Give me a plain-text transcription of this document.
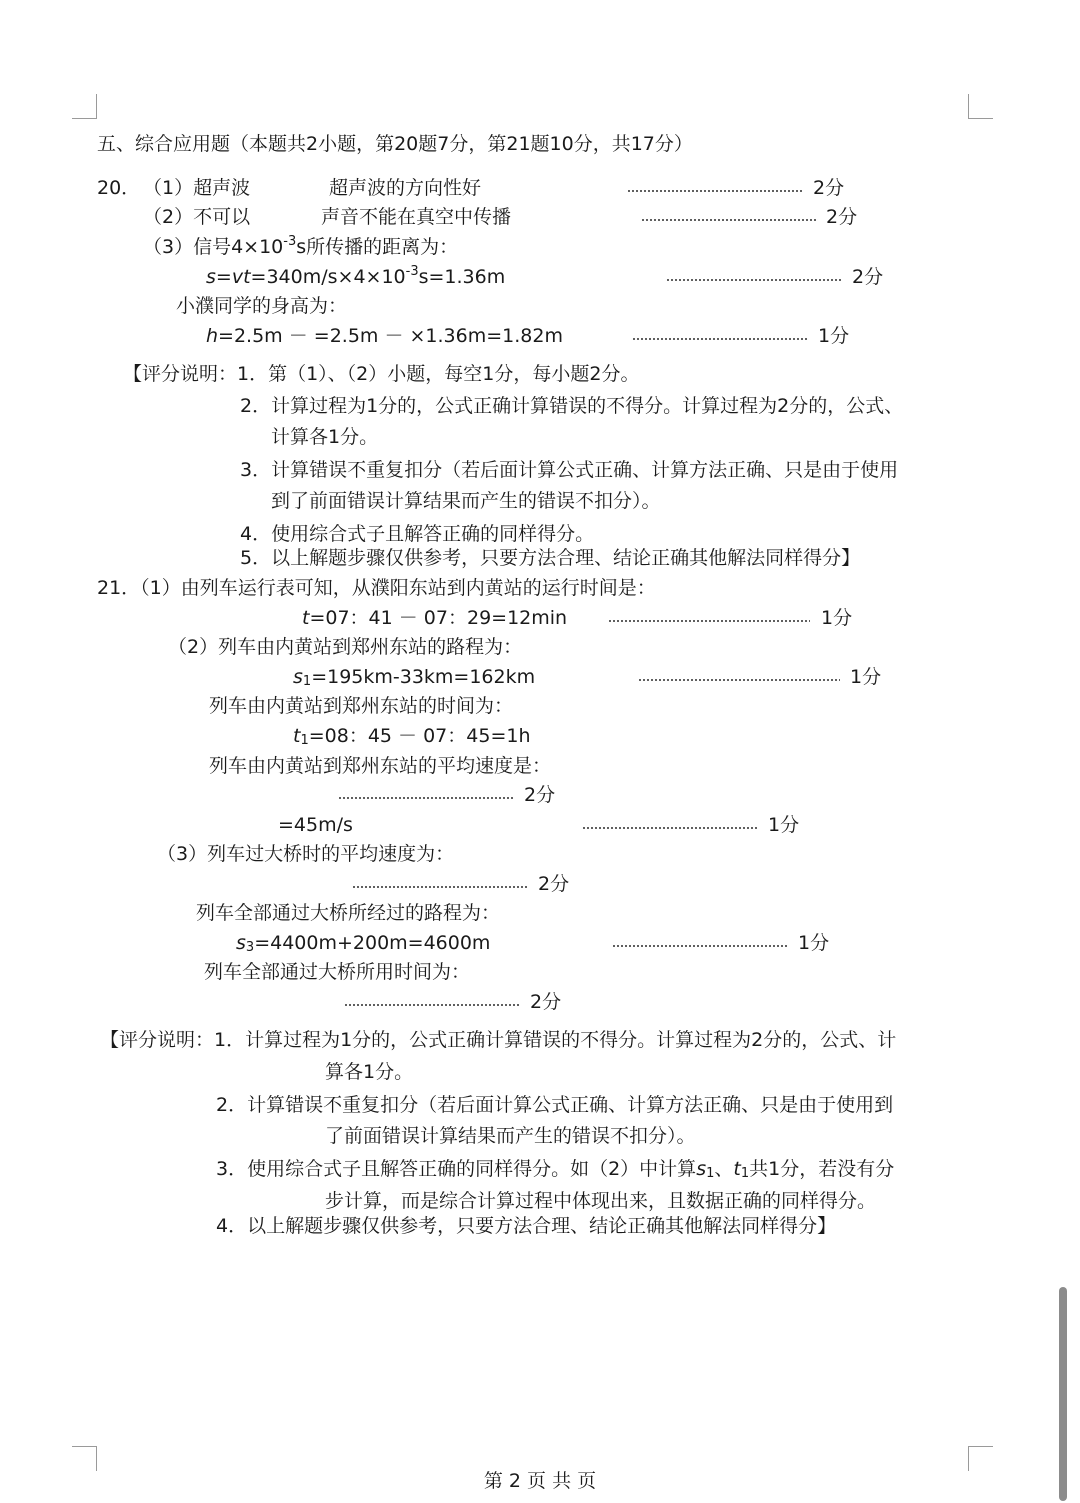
五、综合应用题（本题共2小题，第20题7分，第21题10分，共17分）
20． （1）超声波	超声波的方向性好	2分
（2）不可以	声音不能在真空中传播	2分
（3）信号$4\times 10^{-3}s$所传播的距离为：
$s=vt=340m/s\times 4\times 10^{-3}s=1.36m$	2分
小濮同学的身高为：
h=2.5m － =2.5m － ×1.36m=1.82m	1分
【评分说明：1．第（1）、（2）小题，每空1分，每小题2分。
2．计算过程为1分的，公式正确计算错误的不得分。计算过程为2分的，公式、
计算各1分。
3．计算错误不重复扣分（若后面计算公式正确、计算方法正确、只是由于使用
到了前面错误计算结果而产生的错误不扣分）。
4．使用综合式子且解答正确的同样得分。
5．以上解题步骤仅供参考，只要方法合理、结论正确其他解法同样得分】
21．（1）由列车运行表可知，从濮阳东站到内黄站的运行时间是：
t=07：41 － 07：29=12min	1分
（2）列车由内黄站到郑州东站的路程为：
$s_1=195km-33km=162km$	1分
列车由内黄站到郑州东站的时间为：
$t_1=08$：45 － 07：45=1h
列车由内黄站到郑州东站的平均速度是：
2分
=45m/s	1分
（3）列车过大桥时的平均速度为：
2分
列车全部通过大桥所经过的路程为：
$s_3=4400m+200m=4600m$	1分
列车全部通过大桥所用时间为：
2分
【评分说明：1．计算过程为1分的，公式正确计算错误的不得分。计算过程为2分的，公式、计
算各1分。
2．计算错误不重复扣分（若后面计算公式正确、计算方法正确、只是由于使用到
了前面错误计算结果而产生的错误不扣分）。
3．使用综合式子且解答正确的同样得分。如（2）中计算$s_1$、$t_1$共1分，若没有分
步计算，而是综合计算过程中体现出来，且数据正确的同样得分。
4．以上解题步骤仅供参考，只要方法合理、结论正确其他解法同样得分】
第 2 页 共 页
